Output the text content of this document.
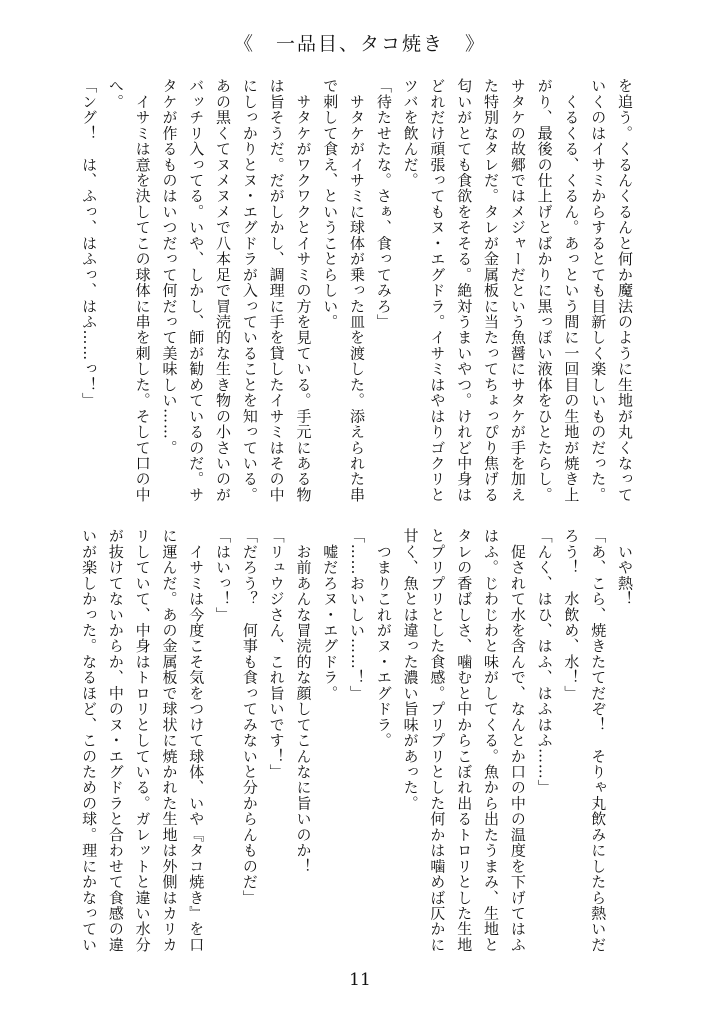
《　一品目、タコ焼き　》
を追う。くるんくるんと何か魔法のように生地が丸くなって
いくのはイサミからするとても目新しく楽しいものだった。
　くるくる、くるん。あっという間に一回目の生地が焼き上
がり、最後の仕上げとばかりに黒っぽい液体をひとたらし。
サタケの故郷ではメジャーだという魚醤にサタケが手を加え
た特別なタレだ。タレが金属板に当たってちょっぴり焦げる
匂いがとても食欲をそそる。絶対うまいやつ。けれど中身は
どれだけ頑張ってもヌ・エグドラ。イサミはやはりゴクリと
ツバを飲んだ。
「待たせたな。さぁ、食ってみろ」
　サタケがイサミに球体が乗った皿を渡した。添えられた串
で刺して食え、ということらしい。
　サタケがワクワクとイサミの方を見ている。手元にある物
は旨そうだ。だがしかし、調理に手を貸したイサミはその中
にしっかりとヌ・エグドラが入っていることを知っている。
あの黒くてヌメヌメで八本足で冒涜的な生き物の小さいのが
バッチリ入ってる。いや、しかし、師が勧めているのだ。サ
タケが作るものはいつだって何だって美味しい……。
　イサミは意を決してこの球体に串を刺した。そして口の中
へ。
「ング！　は、ふっ、はふっ、はふ……っ！」
　いや熱！
「あ、こら、焼きたてだぞ！　そりゃ丸飲みにしたら熱いだ
ろう！　水飲め、水！」
「んく、はひ、はふ、はふはふ……」
　促されて水を含んで、なんとか口の中の温度を下げてはふ
はふ。じわじわと味がしてくる。魚から出たうまみ、生地と
タレの香ばしさ、噛むと中からこぼれ出るトロリとした生地
とプリプリとした食感。プリプリとした何かは噛めば仄かに
甘く、魚とは違った濃い旨味があった。
　つまりこれがヌ・エグドラ。
「……おいしい……！」
　嘘だろヌ・エグドラ。
　お前あんな冒涜的な顔してこんなに旨いのか！
「リュウジさん、これ旨いです！」
「だろう？　何事も食ってみないと分からんものだ」
「はいっ！」
　イサミは今度こそ気をつけて球体、いや『タコ焼き』を口
に運んだ。あの金属板で球状に焼かれた生地は外側はカリカ
リしていて、中身はトロリとしている。ガレットと違い水分
が抜けてないからか、中のヌ・エグドラと合わせて食感の違
いが楽しかった。なるほど、このための球。理にかなってい
11
